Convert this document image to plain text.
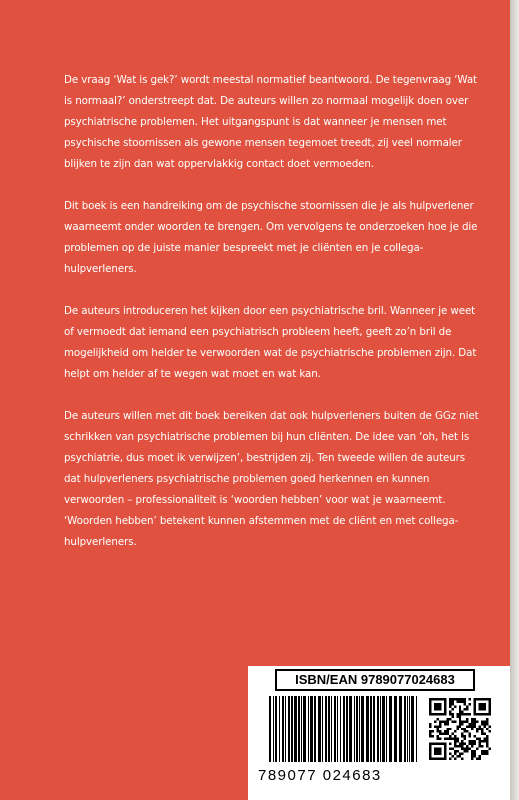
De vraag ‘Wat is gek?’ wordt meestal normatief beantwoord. De tegenvraag ‘Wat is normaal?’ onderstreept dat. De auteurs willen zo normaal mogelijk doen over psychiatrische problemen. Het uitgangspunt is dat wanneer je mensen met psychische stoornissen als gewone mensen tegemoet treedt, zij veel normaler blijken te zijn dan wat oppervlakkig contact doet vermoeden.

Dit boek is een handreiking om de psychische stoornissen die je als hulpverlener waarneemt onder woorden te brengen. Om vervolgens te onderzoeken hoe je die problemen op de juiste manier bespreekt met je cliënten en je collega-hulpverleners.

De auteurs introduceren het kijken door een psychiatrische bril. Wanneer je weet of vermoedt dat iemand een psychiatrisch probleem heeft, geeft zo’n bril de mogelijkheid om helder te verwoorden wat de psychiatrische problemen zijn. Dat helpt om helder af te wegen wat moet en wat kan.

De auteurs willen met dit boek bereiken dat ook hulpverleners buiten de GGz niet schrikken van psychiatrische problemen bij hun cliënten. De idee van ‘oh, het is psychiatrie, dus moet ik verwijzen’, bestrijden zij. Ten tweede willen de auteurs dat hulpverleners psychiatrische problemen goed herkennen en kunnen verwoorden – professionaliteit is ‘woorden hebben’ voor wat je waarneemt. ‘Woorden hebben’ betekent kunnen afstemmen met de cliënt en met collega-hulpverleners.

ISBN/EAN 9789077024683
789077 024683
